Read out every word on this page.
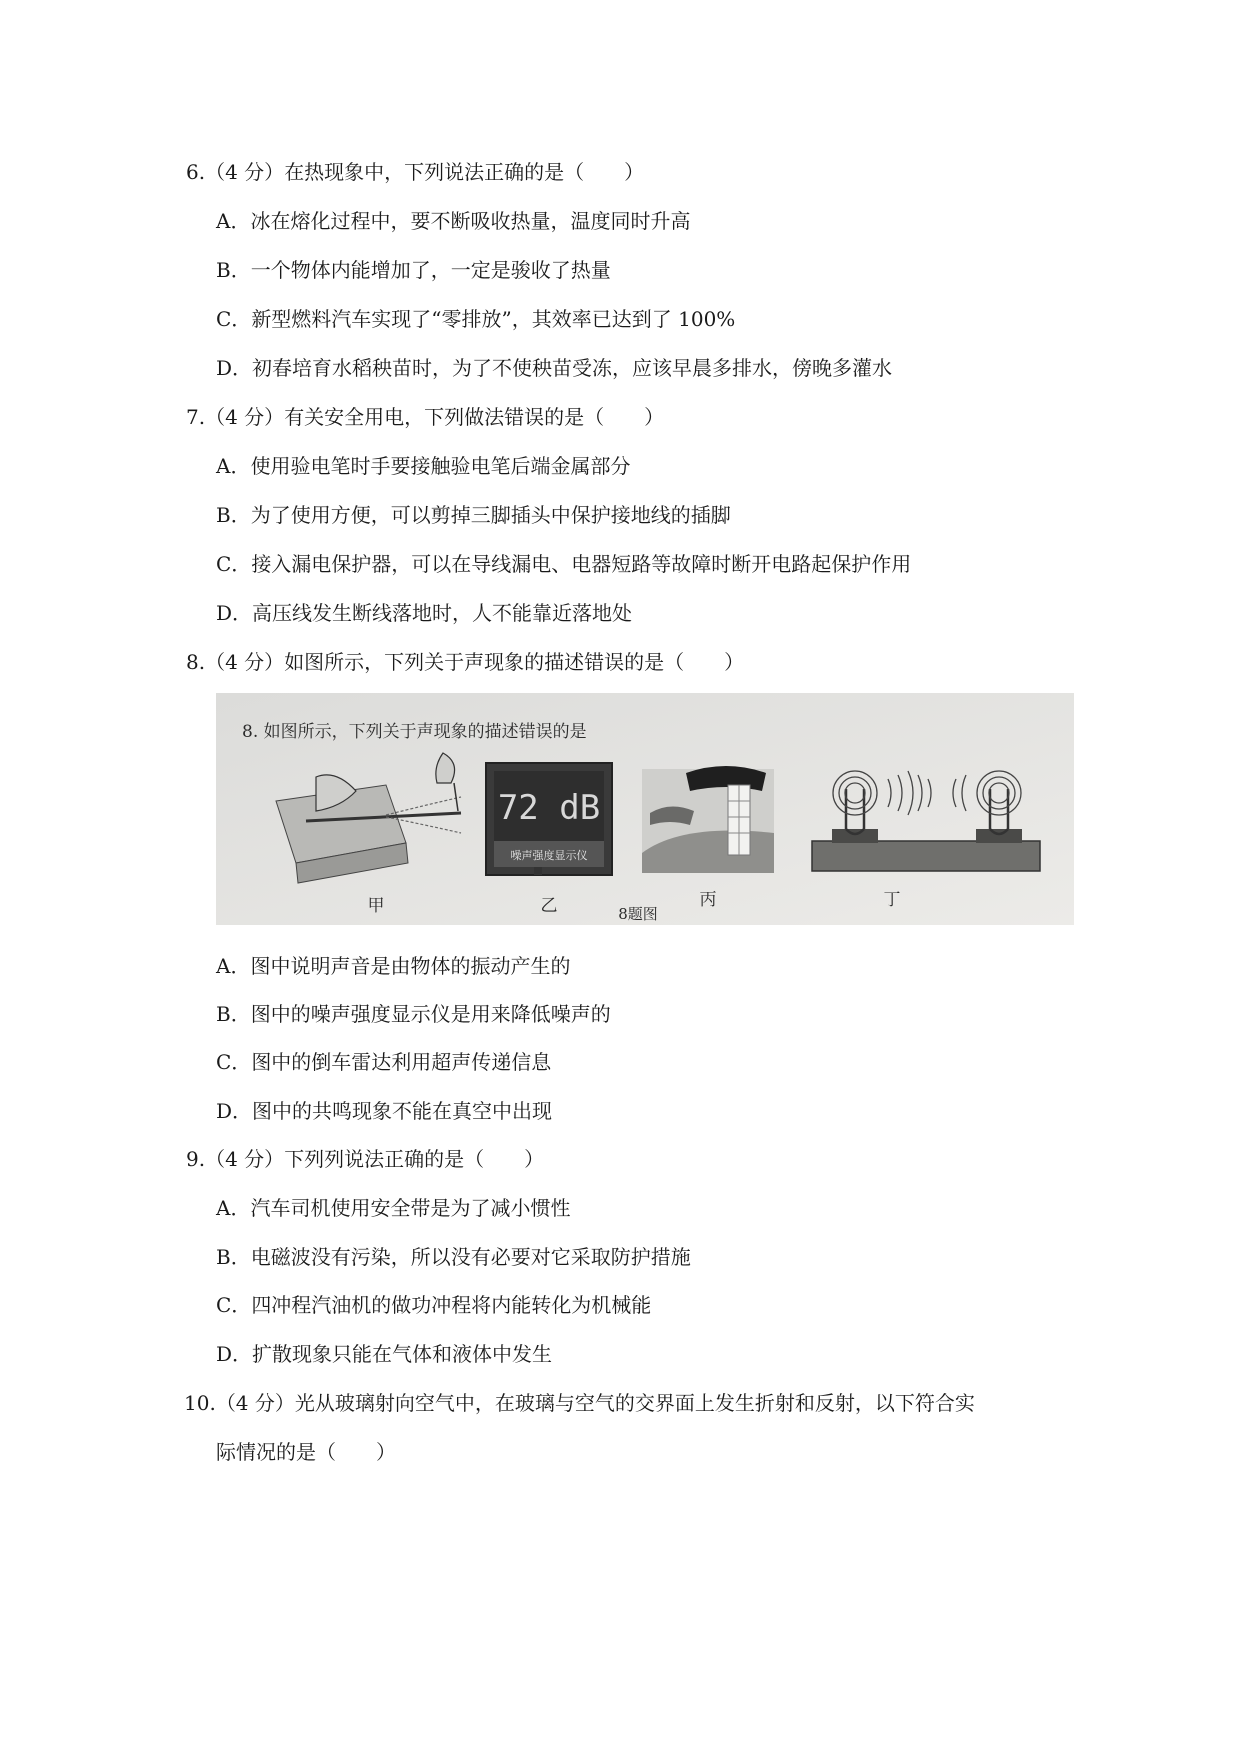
6.（4 分）在热现象中，下列说法正确的是（　　）
A．冰在熔化过程中，要不断吸收热量，温度同时升高
B．一个物体内能增加了，一定是骏收了热量
C．新型燃料汽车实现了“零排放”，其效率已达到了 100%
D．初春培育水稻秧苗时，为了不使秧苗受冻，应该早晨多排水，傍晚多灌水
7.（4 分）有关安全用电，下列做法错误的是（　　）
A．使用验电笔时手要接触验电笔后端金属部分
B．为了使用方便，可以剪掉三脚插头中保护接地线的插脚
C．接入漏电保护器，可以在导线漏电、电器短路等故障时断开电路起保护作用
D．高压线发生断线落地时，人不能靠近落地处
8.（4 分）如图所示，下列关于声现象的描述错误的是（　　）
8. 如图所示，下列关于声现象的描述错误的是
甲
72 dB
噪声强度显示仪
乙	丙	丁
8题图
A．图中说明声音是由物体的振动产生的
B．图中的噪声强度显示仪是用来降低噪声的
C．图中的倒车雷达利用超声传递信息
D．图中的共鸣现象不能在真空中出现
9.（4 分）下列列说法正确的是（　　）
A．汽车司机使用安全带是为了减小惯性
B．电磁波没有污染，所以没有必要对它采取防护措施
C．四冲程汽油机的做功冲程将内能转化为机械能
D．扩散现象只能在气体和液体中发生
10.（4 分）光从玻璃射向空气中，在玻璃与空气的交界面上发生折射和反射，以下符合实
际情况的是（　　）
